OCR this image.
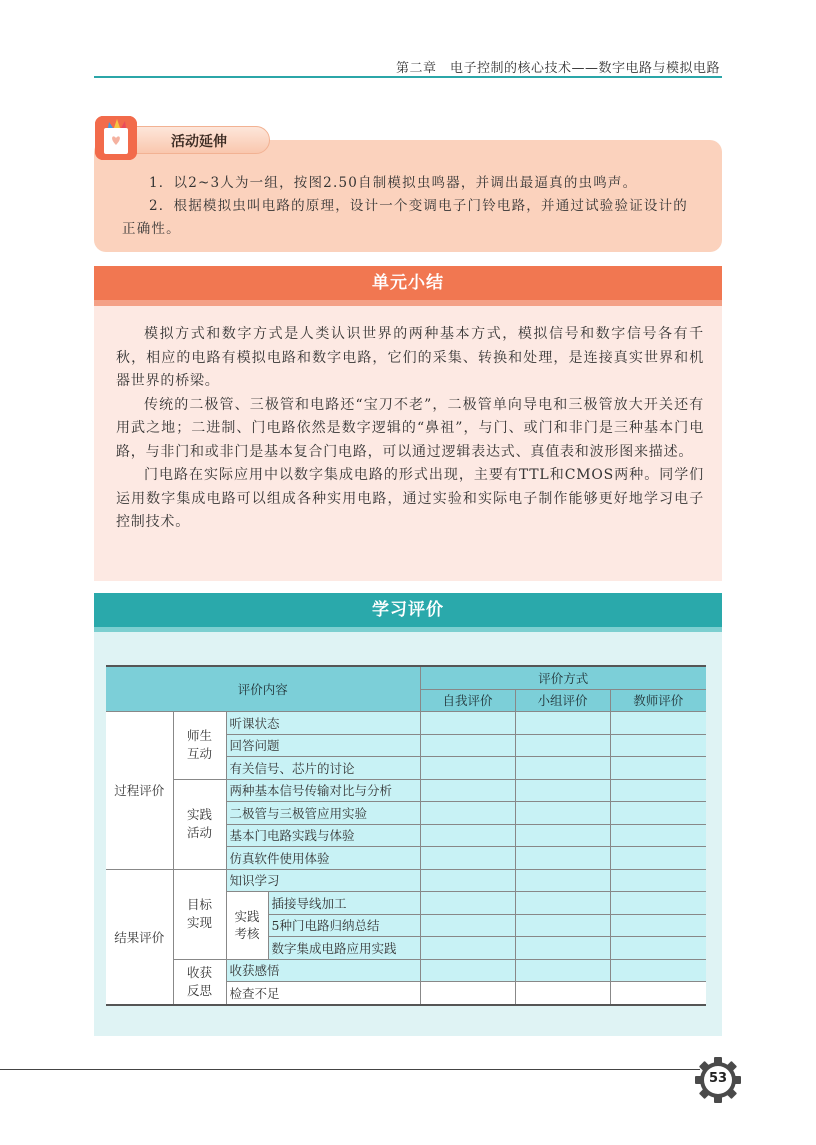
第二章　电子控制的核心技术——数字电路与模拟电路
活动延伸

1．以2~3人为一组，按图2.50自制模拟虫鸣器，并调出最逼真的虫鸣声。

2．根据模拟虫叫电路的原理，设计一个变调电子门铃电路，并通过试验验证设计的正确性。

单元小结

模拟方式和数字方式是人类认识世界的两种基本方式，模拟信号和数字信号各有千秋，相应的电路有模拟电路和数字电路，它们的采集、转换和处理，是连接真实世界和机器世界的桥梁。

传统的二极管、三极管和电路还“宝刀不老”，二极管单向导电和三极管放大开关还有用武之地；二进制、门电路依然是数字逻辑的“鼻祖”，与门、或门和非门是三种基本门电路，与非门和或非门是基本复合门电路，可以通过逻辑表达式、真值表和波形图来描述。

门电路在实际应用中以数字集成电路的形式出现，主要有TTL和CMOS两种。同学们运用数字集成电路可以组成各种实用电路，通过实验和实际电子制作能够更好地学习电子控制技术。

学习评价
评价内容				评价方式		
				自我评价	小组评价	教师评价
过程评价	师生互动	听课状态				
		回答问题				
		有关信号、芯片的讨论				
	实践活动	两种基本信号传输对比与分析				
		二极管与三极管应用实验				
		基本门电路实践与体验				
		仿真软件使用体验				
结果评价	目标实现	知识学习				
		实践考核	插接导线加工			
			5种门电路归纳总结			
			数字集成电路应用实践			
	收获反思	收获感悟				
		检查不足				
53
